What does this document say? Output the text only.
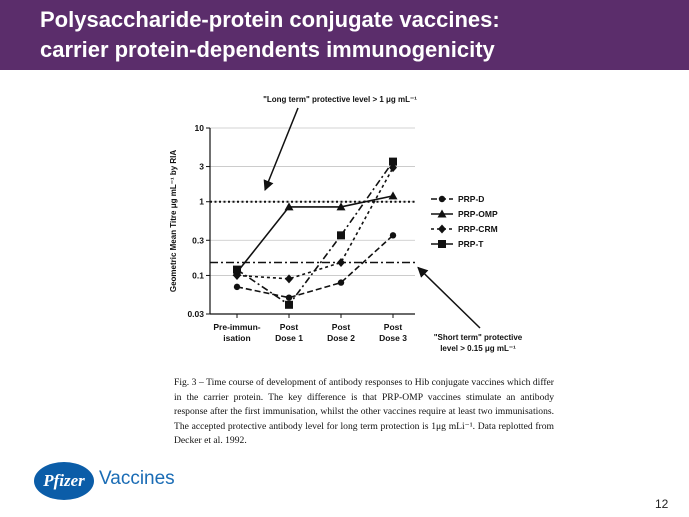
Polysaccharide-protein conjugate vaccines:
carrier protein-dependents immunogenicity
10
3
1
0.3
0.1
0.03
Geometric Mean Titre μg mL⁻¹ by RIA
Pre-immun-isation
Post Dose 1
Post Dose 2
Post Dose 3
PRP-D
PRP-OMP
PRP-CRM
PRP-T
"Long term" protective level > 1 μg mL⁻¹
"Short term" protective level > 0.15 μg mL⁻¹
Fig. 3 – Time course of development of antibody responses to Hib conjugate vaccines which differ in the carrier protein. The key difference is that PRP-OMP vaccines stimulate an antibody response after the first immunisation, whilst the other vaccines require at least two immunisations. The accepted protective antibody level for long term protection is 1μg mLi⁻¹. Data replotted from Decker et al. 1992.
Pfizer Vaccines
12
